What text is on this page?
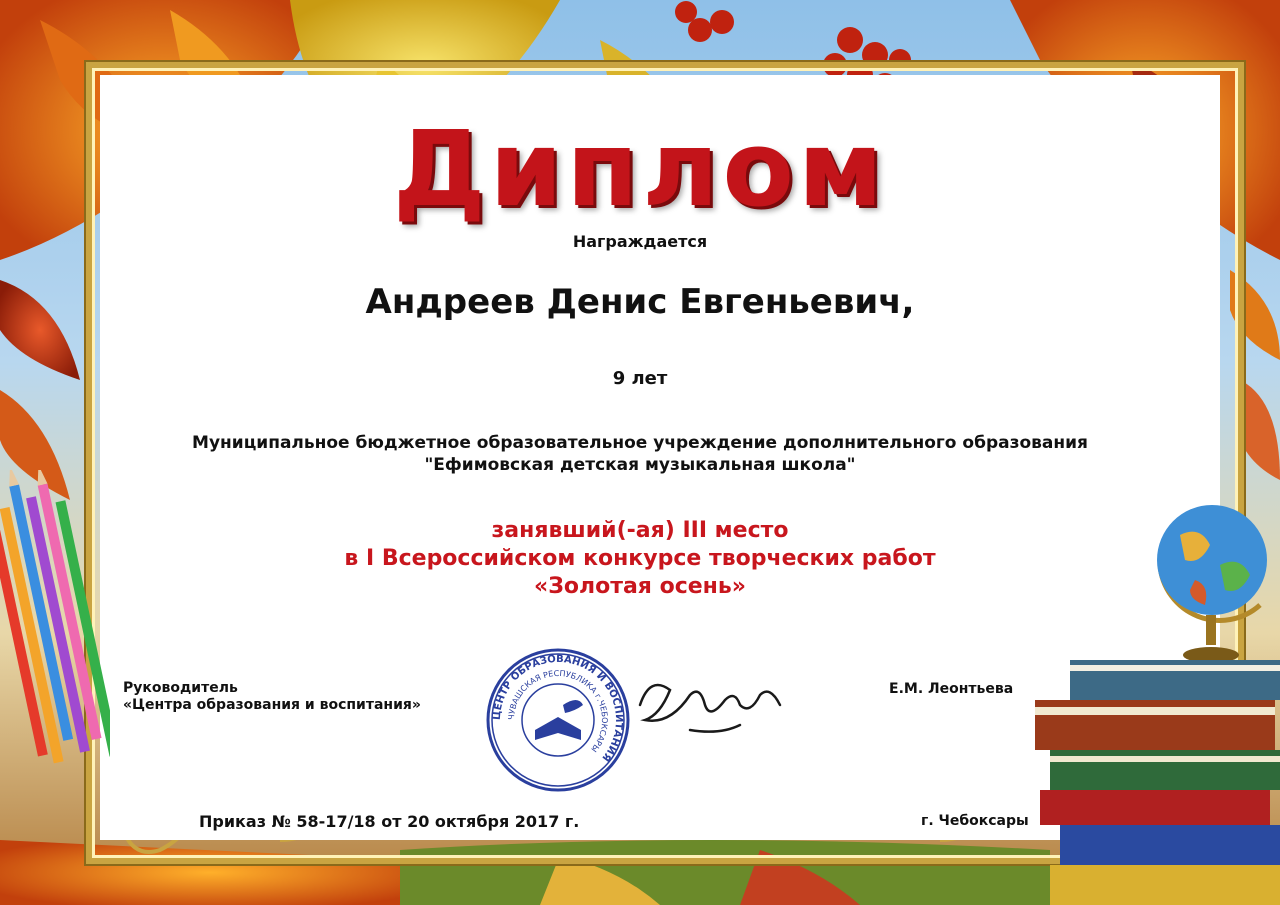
Диплом
Награждается
Андреев Денис Евгеньевич,
9 лет
Муниципальное бюджетное образовательное учреждение дополнительного образования
"Ефимовская детская музыкальная школа"
занявший(-ая) III место
в I Всероссийском конкурсе творческих работ
«Золотая осень»
Руководитель
«Центра образования и воспитания»
Е.М. Леонтьева
ЦЕНТР ОБРАЗОВАНИЯ И ВОСПИТАНИЯ
ЧУВАШСКАЯ РЕСПУБЛИКА г.ЧЕБОКСАРЫ
Приказ № 58-17/18 от 20 октября 2017 г.	г. Чебоксары
